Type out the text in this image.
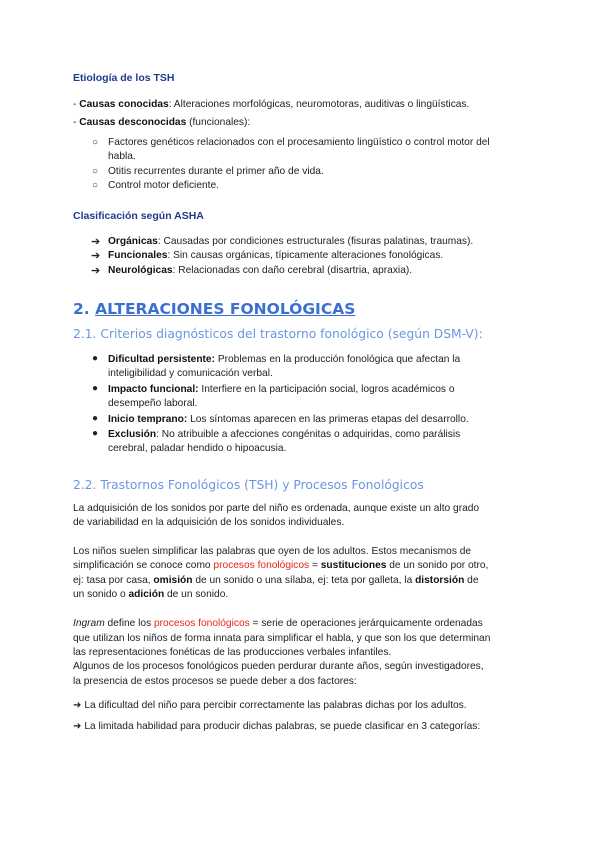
Etiología de los TSH
- Causas conocidas: Alteraciones morfológicas, neuromotoras, auditivas o lingüísticas.
- Causas desconocidas (funcionales):
○ Factores genéticos relacionados con el procesamiento lingüístico o control motor del
habla.
○ Otitis recurrentes durante el primer año de vida.
○ Control motor deficiente.
Clasificación según ASHA
➔ Orgánicas: Causadas por condiciones estructurales (fisuras palatinas, traumas).
➔ Funcionales: Sin causas orgánicas, típicamente alteraciones fonológicas.
➔ Neurológicas: Relacionadas con daño cerebral (disartria, apraxia).
2. ALTERACIONES FONOLÓGICAS
2.1. Criterios diagnósticos del trastorno fonológico (según DSM-V):
● Dificultad persistente: Problemas en la producción fonológica que afectan la
inteligibilidad y comunicación verbal.
● Impacto funcional: Interfiere en la participación social, logros académicos o
desempeño laboral.
● Inicio temprano: Los síntomas aparecen en las primeras etapas del desarrollo.
● Exclusión: No atribuible a afecciones congénitas o adquiridas, como parálisis
cerebral, paladar hendido o hipoacusia.
2.2. Trastornos Fonológicos (TSH) y Procesos Fonológicos
La adquisición de los sonidos por parte del niño es ordenada, aunque existe un alto grado
de variabilidad en la adquisición de los sonidos individuales.
Los niños suelen simplificar las palabras que oyen de los adultos. Estos mecanismos de
simplificación se conoce como procesos fonológicos = sustituciones de un sonido por otro,
ej: tasa por casa, omisión de un sonido o una sílaba, ej: teta por galleta, la distorsión de
un sonido o adición de un sonido.
Ingram define los procesos fonológicos = serie de operaciones jerárquicamente ordenadas
que utilizan los niños de forma innata para simplificar el habla, y que son los que determinan
las representaciones fonéticas de las producciones verbales infantiles.
Algunos de los procesos fonológicos pueden perdurar durante años, según investigadores,
la presencia de estos procesos se puede deber a dos factores:
➜ La dificultad del niño para percibir correctamente las palabras dichas por los adultos.
➜ La limitada habilidad para producir dichas palabras, se puede clasificar en 3 categorías:
